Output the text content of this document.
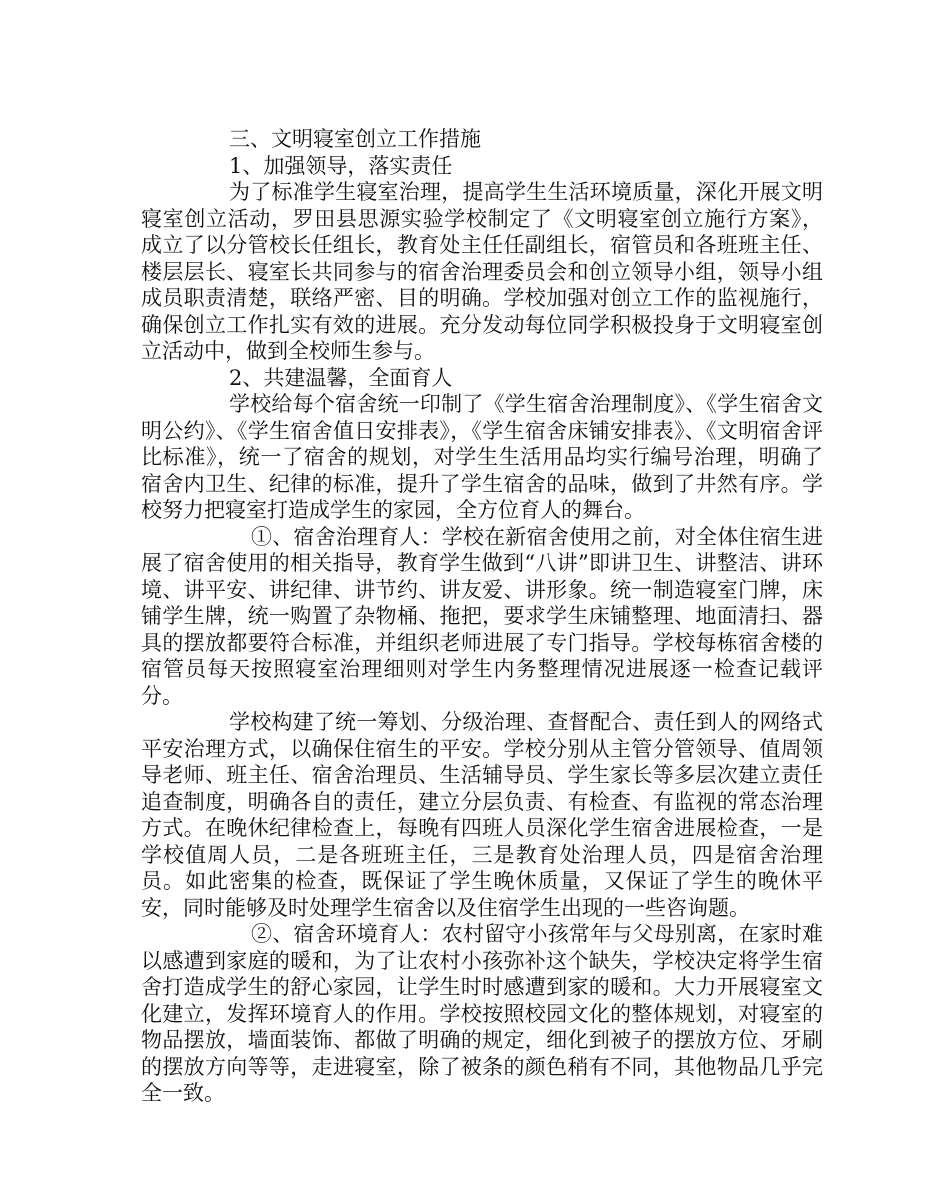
三、文明寝室创立工作措施

1、加强领导，落实责任

为了标准学生寝室治理，提高学生生活环境质量，深化开展文明寝室创立活动，罗田县思源实验学校制定了《文明寝室创立施行方案》，成立了以分管校长任组长，教育处主任任副组长，宿管员和各班班主任、楼层层长、寝室长共同参与的宿舍治理委员会和创立领导小组，领导小组成员职责清楚，联络严密、目的明确。学校加强对创立工作的监视施行，确保创立工作扎实有效的进展。充分发动每位同学积极投身于文明寝室创立活动中，做到全校师生参与。

2、共建温馨，全面育人

学校给每个宿舍统一印制了《学生宿舍治理制度》、《学生宿舍文明公约》、《学生宿舍值日安排表》，《学生宿舍床铺安排表》、《文明宿舍评比标准》，统一了宿舍的规划，对学生生活用品均实行编号治理，明确了宿舍内卫生、纪律的标准，提升了学生宿舍的品味，做到了井然有序。学校努力把寝室打造成学生的家园，全方位育人的舞台。

①、宿舍治理育人：学校在新宿舍使用之前，对全体住宿生进展了宿舍使用的相关指导，教育学生做到“八讲”即讲卫生、讲整洁、讲环境、讲平安、讲纪律、讲节约、讲友爱、讲形象。统一制造寝室门牌，床铺学生牌，统一购置了杂物桶、拖把，要求学生床铺整理、地面清扫、器具的摆放都要符合标准，并组织老师进展了专门指导。学校每栋宿舍楼的宿管员每天按照寝室治理细则对学生内务整理情况进展逐一检查记载评分。

学校构建了统一筹划、分级治理、查督配合、责任到人的网络式平安治理方式，以确保住宿生的平安。学校分别从主管分管领导、值周领导老师、班主任、宿舍治理员、生活辅导员、学生家长等多层次建立责任追查制度，明确各自的责任，建立分层负责、有检查、有监视的常态治理方式。在晚休纪律检查上，每晚有四班人员深化学生宿舍进展检查，一是学校值周人员，二是各班班主任，三是教育处治理人员，四是宿舍治理员。如此密集的检查，既保证了学生晚休质量，又保证了学生的晚休平安，同时能够及时处理学生宿舍以及住宿学生出现的一些咨询题。

②、宿舍环境育人：农村留守小孩常年与父母别离，在家时难以感遭到家庭的暖和，为了让农村小孩弥补这个缺失，学校决定将学生宿舍打造成学生的舒心家园，让学生时时感遭到家的暖和。大力开展寝室文化建立，发挥环境育人的作用。学校按照校园文化的整体规划，对寝室的物品摆放，墙面装饰、都做了明确的规定，细化到被子的摆放方位、牙刷的摆放方向等等，走进寝室，除了被条的颜色稍有不同，其他物品几乎完全一致。
